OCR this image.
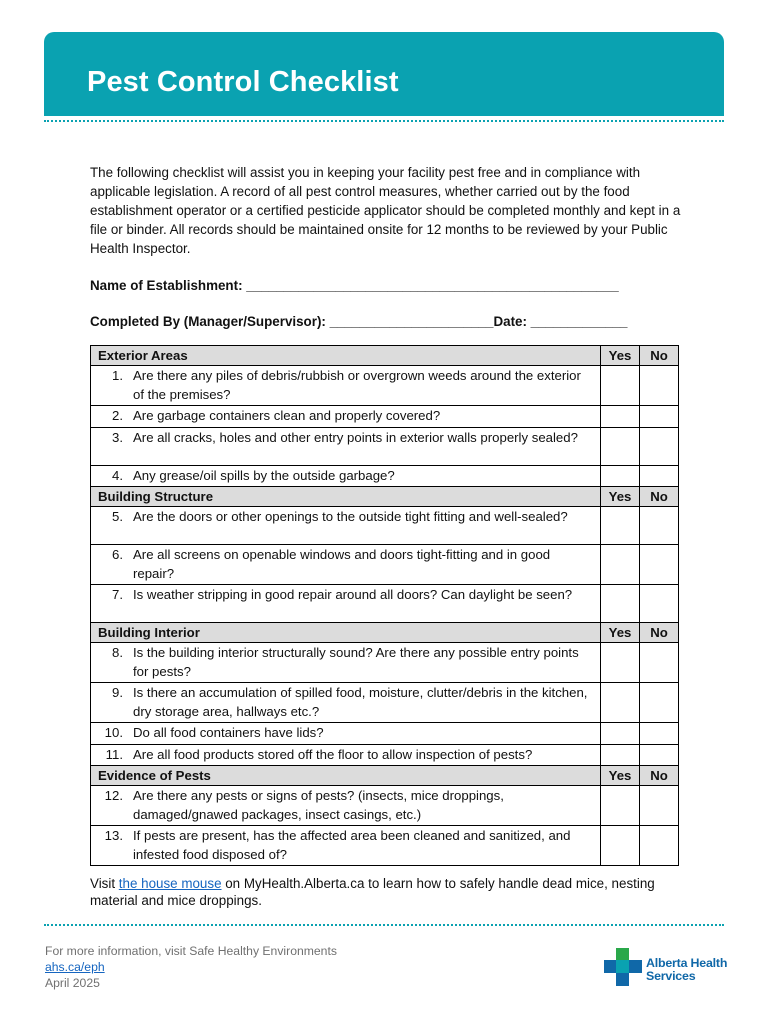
Pest Control Checklist

The following checklist will assist you in keeping your facility pest free and in compliance with applicable legislation. A record of all pest control measures, whether carried out by the food establishment operator or a certified pesticide applicator should be completed monthly and kept in a file or binder. All records should be maintained onsite for 12 months to be reviewed by your Public Health Inspector.

Name of Establishment: __________________________________________________
Completed By (Manager/Supervisor): ______________________Date: _____________
Exterior Areas	Yes	No

1. Are there any piles of debris/rubbish or overgrown weeds around the exterior of the premises?		

2. Are garbage containers clean and properly covered?		

3. Are all cracks, holes and other entry points in exterior walls properly sealed?		

4. Any grease/oil spills by the outside garbage?		

Building Structure	Yes	No

5. Are the doors or other openings to the outside tight fitting and well-sealed?		

6. Are all screens on openable windows and doors tight-fitting and in good repair?		

7. Is weather stripping in good repair around all doors? Can daylight be seen?		

Building Interior	Yes	No

8. Is the building interior structurally sound? Are there any possible entry points for pests?		

9. Is there an accumulation of spilled food, moisture, clutter/debris in the kitchen, dry storage area, hallways etc.?		

10. Do all food containers have lids?		

11. Are all food products stored off the floor to allow inspection of pests?		

Evidence of Pests	Yes	No

12. Are there any pests or signs of pests? (insects, mice droppings, damaged/gnawed packages, insect casings, etc.)		

13. If pests are present, has the affected area been cleaned and sanitized, and infested food disposed of?		

Visit the house mouse on MyHealth.Alberta.ca to learn how to safely handle dead mice, nesting material and mice droppings.

For more information, visit Safe Healthy Environments
ahs.ca/eph
April 2025
Alberta Health
Services
